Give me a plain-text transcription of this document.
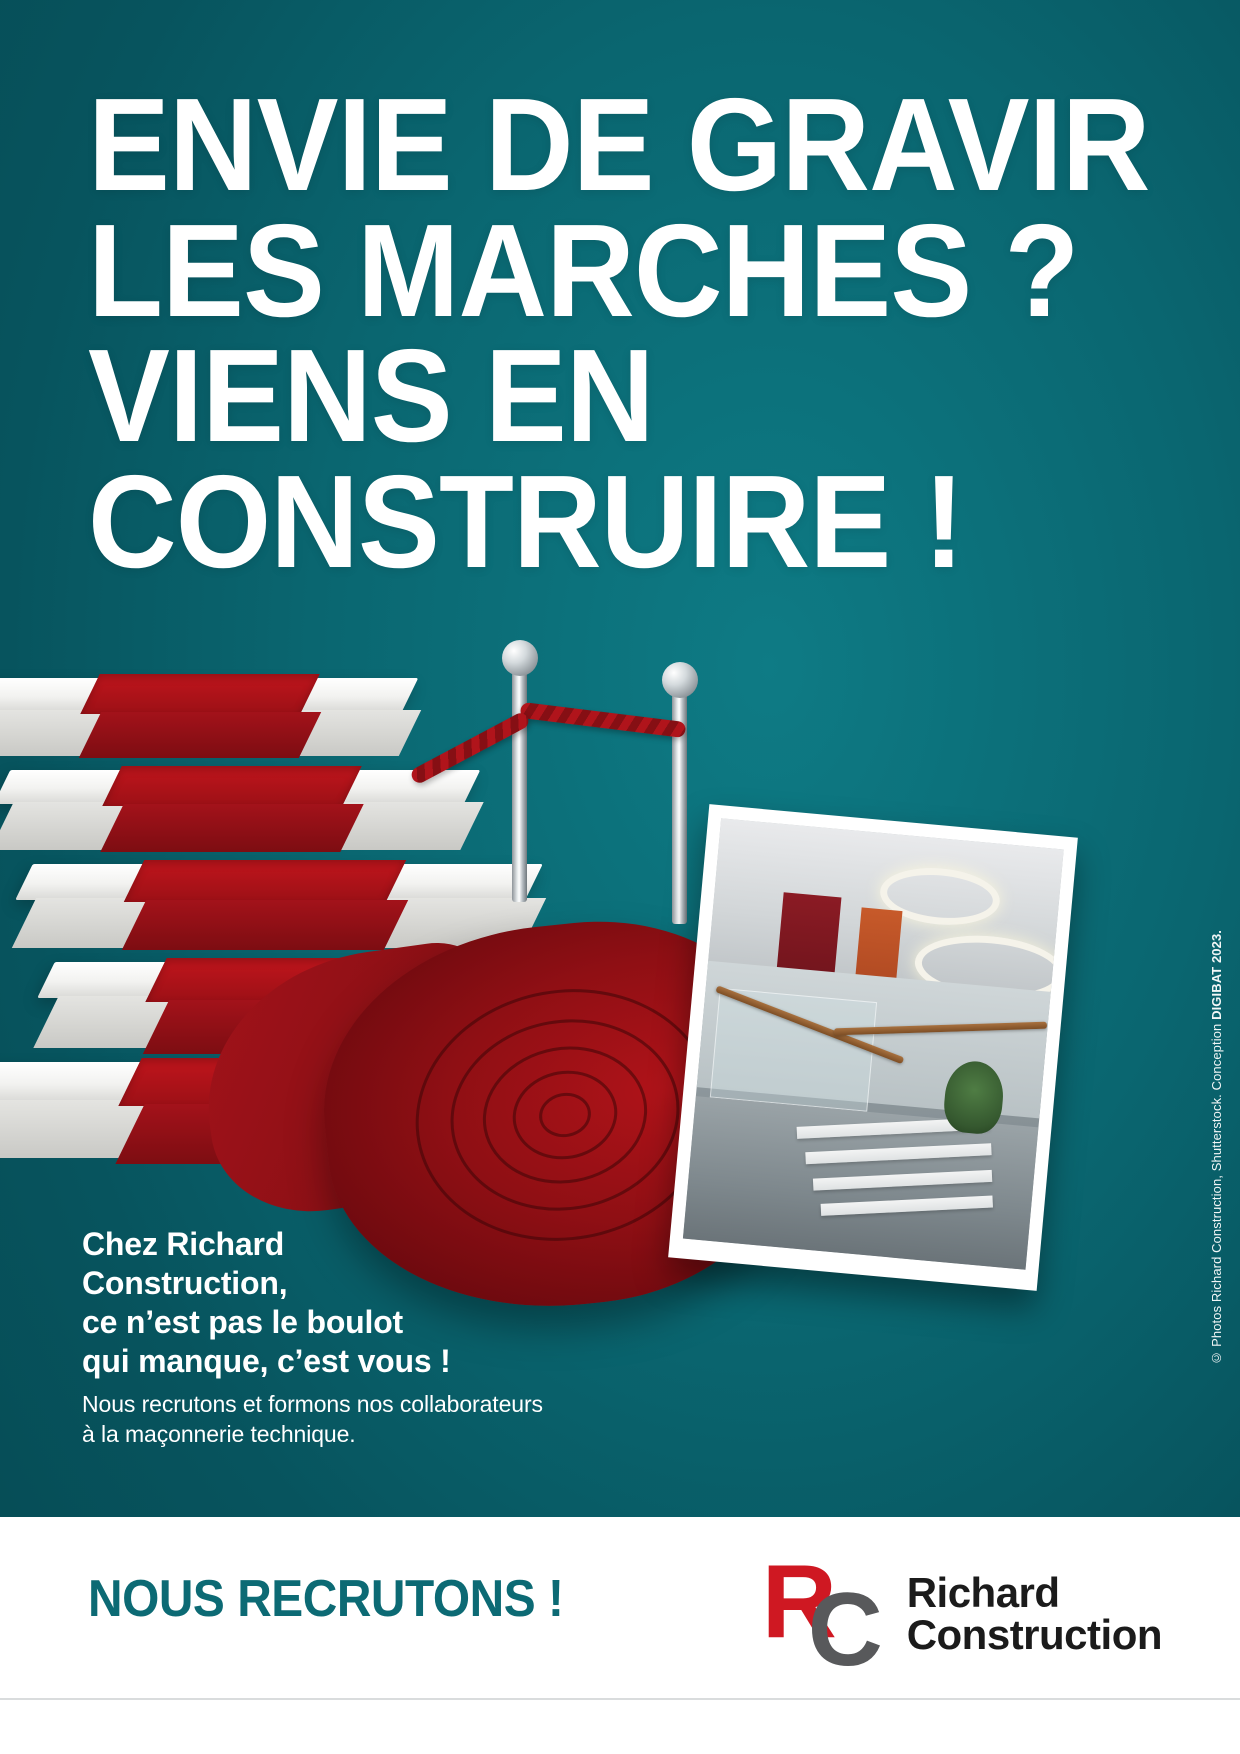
ENVIE DE GRAVIR
LES MARCHES ?
VIENS EN
CONSTRUIRE !
© Photos Richard Construction, Shutterstock. Conception DIGIBAT 2023.
Chez Richard
Construction,
ce n’est pas le boulot
qui manque, c’est vous !
Nous recrutons et formons nos collaborateurs
à la maçonnerie technique.
NOUS RECRUTONS ! R
C Richard
Construction
